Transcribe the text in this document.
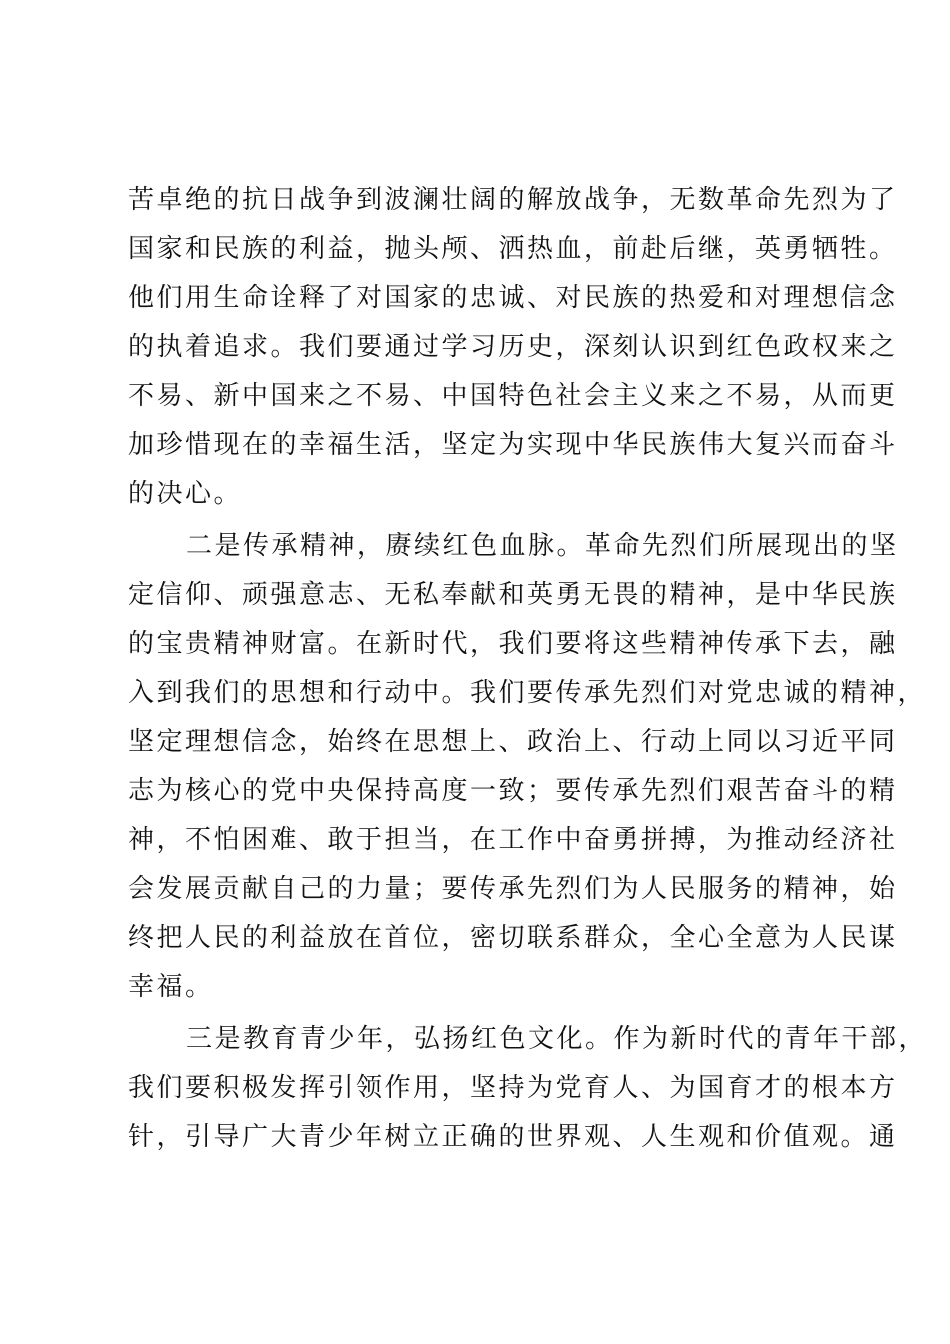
苦卓绝的抗日战争到波澜壮阔的解放战争，无数革命先烈为了
国家和民族的利益，抛头颅、洒热血，前赴后继，英勇牺牲。
他们用生命诠释了对国家的忠诚、对民族的热爱和对理想信念
的执着追求。我们要通过学习历史，深刻认识到红色政权来之
不易、新中国来之不易、中国特色社会主义来之不易，从而更
加珍惜现在的幸福生活，坚定为实现中华民族伟大复兴而奋斗
的决心。
二是传承精神，赓续红色血脉。革命先烈们所展现出的坚
定信仰、顽强意志、无私奉献和英勇无畏的精神，是中华民族
的宝贵精神财富。在新时代，我们要将这些精神传承下去，融
入到我们的思想和行动中。我们要传承先烈们对党忠诚的精神，
坚定理想信念，始终在思想上、政治上、行动上同以习近平同
志为核心的党中央保持高度一致；要传承先烈们艰苦奋斗的精
神，不怕困难、敢于担当，在工作中奋勇拼搏，为推动经济社
会发展贡献自己的力量；要传承先烈们为人民服务的精神，始
终把人民的利益放在首位，密切联系群众，全心全意为人民谋
幸福。
三是教育青少年，弘扬红色文化。作为新时代的青年干部，
我们要积极发挥引领作用，坚持为党育人、为国育才的根本方
针，引导广大青少年树立正确的世界观、人生观和价值观。通
